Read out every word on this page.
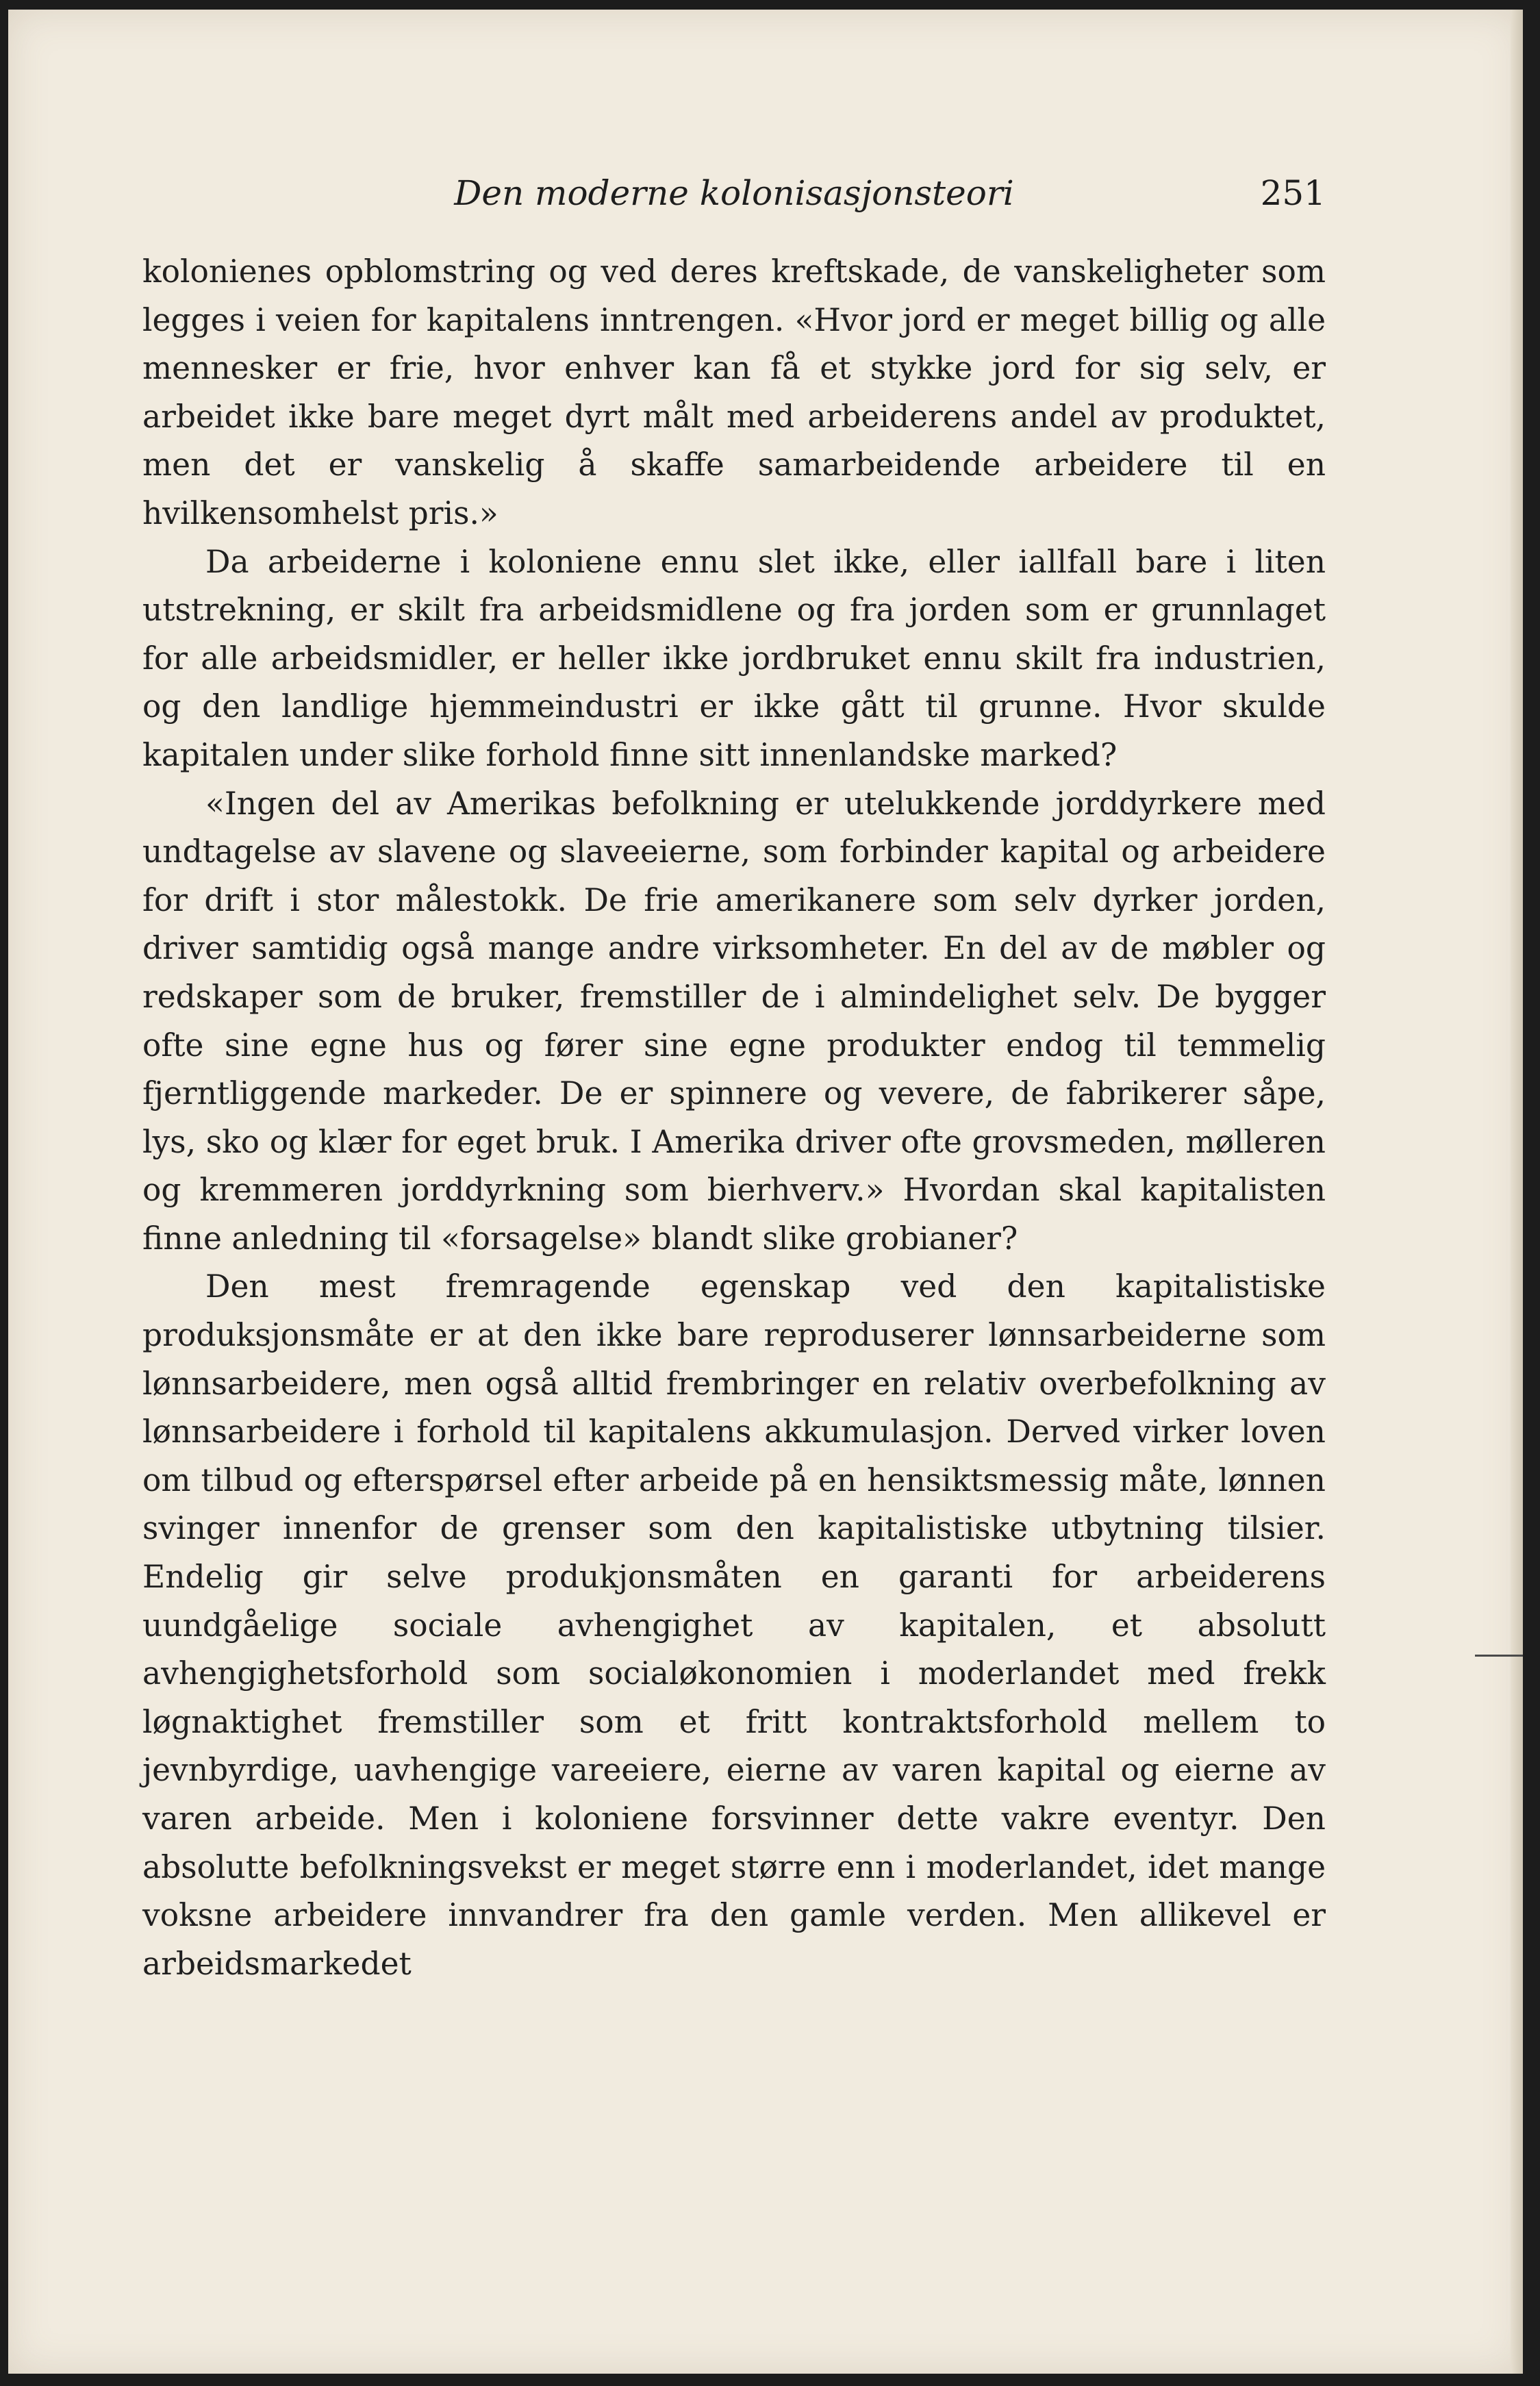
Den moderne kolonisasjonsteori	251

kolonienes opblomstring og ved deres kreftskade, de vanskeligheter som legges i veien for kapitalens inntrengen. «Hvor jord er meget billig og alle mennesker er frie, hvor enhver kan få et stykke jord for sig selv, er arbeidet ikke bare meget dyrt målt med arbeiderens andel av produktet, men det er vanskelig å skaffe samarbeidende arbeidere til en hvilkensomhelst pris.»

Da arbeiderne i koloniene ennu slet ikke, eller iallfall bare i liten utstrekning, er skilt fra arbeidsmidlene og fra jorden som er grunnlaget for alle arbeidsmidler, er heller ikke jordbruket ennu skilt fra industrien, og den landlige hjemmeindustri er ikke gått til grunne. Hvor skulde kapitalen under slike forhold finne sitt innenlandske marked?

«Ingen del av Amerikas befolkning er utelukkende jorddyrkere med undtagelse av slavene og slaveeierne, som forbinder kapital og arbeidere for drift i stor målestokk. De frie amerikanere som selv dyrker jorden, driver samtidig også mange andre virksomheter. En del av de møbler og redskaper som de bruker, fremstiller de i almindelighet selv. De bygger ofte sine egne hus og fører sine egne produkter endog til temmelig fjerntliggende markeder. De er spinnere og vevere, de fabrikerer såpe, lys, sko og klær for eget bruk. I Amerika driver ofte grovsmeden, mølleren og kremmeren jorddyrkning som bierhverv.» Hvordan skal kapitalisten finne anledning til «forsagelse» blandt slike grobianer?

Den mest fremragende egenskap ved den kapitalistiske produksjonsmåte er at den ikke bare reproduserer lønnsarbeiderne som lønnsarbeidere, men også alltid frembringer en relativ overbefolkning av lønnsarbeidere i forhold til kapitalens akkumulasjon. Derved virker loven om tilbud og efterspørsel efter arbeide på en hensiktsmessig måte, lønnen svinger innenfor de grenser som den kapitalistiske utbytning tilsier. Endelig gir selve produkjonsmåten en garanti for arbeiderens uundgåelige sociale avhengighet av kapitalen, et absolutt avhengighetsforhold som socialøkonomien i moderlandet med frekk løgnaktighet fremstiller som et fritt kontraktsforhold mellem to jevnbyrdige, uavhengige vareeiere, eierne av varen kapital og eierne av varen arbeide. Men i koloniene forsvinner dette vakre eventyr. Den absolutte befolkningsvekst er meget større enn i moderlandet, idet mange voksne arbeidere innvandrer fra den gamle verden. Men allikevel er arbeidsmarkedet
